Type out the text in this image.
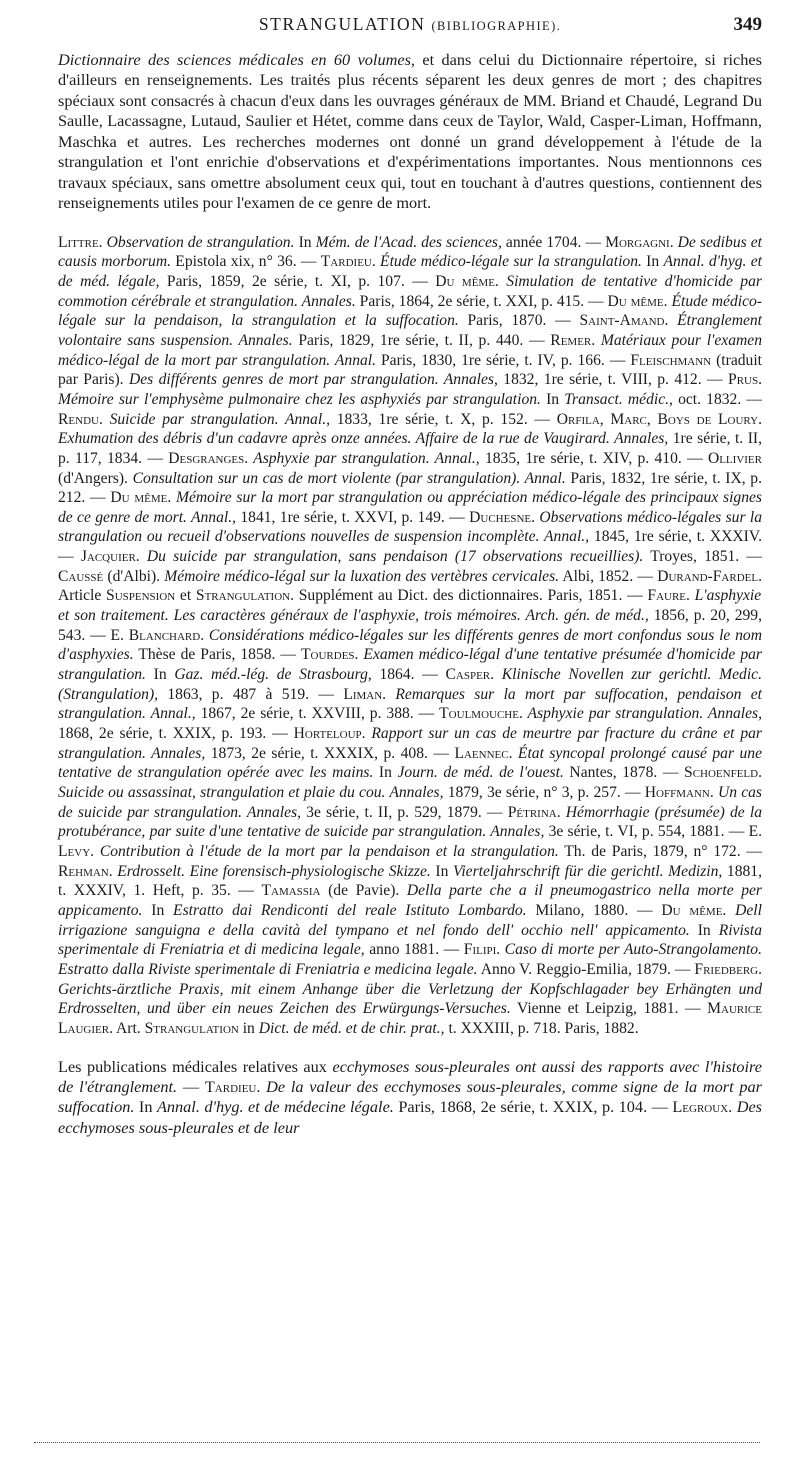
STRANGULATION (BIBLIOGRAPHIE).	349

Dictionnaire des sciences médicales en 60 volumes, et dans celui du Dictionnaire répertoire, si riches d'ailleurs en renseignements. Les traités plus récents séparent les deux genres de mort ; des chapitres spéciaux sont consacrés à chacun d'eux dans les ouvrages généraux de MM. Briand et Chaudé, Legrand Du Saulle, Lacassagne, Lutaud, Saulier et Hétet, comme dans ceux de Taylor, Wald, Casper-Liman, Hoffmann, Maschka et autres. Les recherches modernes ont donné un grand développement à l'étude de la strangulation et l'ont enrichie d'observations et d'expérimentations importantes. Nous mentionnons ces travaux spéciaux, sans omettre absolument ceux qui, tout en touchant à d'autres questions, contiennent des renseignements utiles pour l'examen de ce genre de mort.

Littre. Observation de strangulation. In Mém. de l'Acad. des sciences, année 1704. — Morgagni. De sedibus et causis morborum. Epistola xix, n° 36. — Tardieu. Étude médico-légale sur la strangulation. In Annal. d'hyg. et de méd. légale, Paris, 1859, 2e série, t. XI, p. 107. — Du même. Simulation de tentative d'homicide par commotion cérébrale et strangulation. Annales. Paris, 1864, 2e série, t. XXI, p. 415. — Du même. Étude médico-légale sur la pendaison, la strangulation et la suffocation. Paris, 1870. — Saint-Amand. Étranglement volontaire sans suspension. Annales. Paris, 1829, 1re série, t. II, p. 440. — Remer. Matériaux pour l'examen médico-légal de la mort par strangulation. Annal. Paris, 1830, 1re série, t. IV, p. 166. — Fleischmann (traduit par Paris). Des différents genres de mort par strangulation. Annales, 1832, 1re série, t. VIII, p. 412. — Prus. Mémoire sur l'emphysème pulmonaire chez les asphyxiés par strangulation. In Transact. médic., oct. 1832. — Rendu. Suicide par strangulation. Annal., 1833, 1re série, t. X, p. 152. — Orfila, Marc, Boys de Loury. Exhumation des débris d'un cadavre après onze années. Affaire de la rue de Vaugirard. Annales, 1re série, t. II, p. 117, 1834. — Desgranges. Asphyxie par strangulation. Annal., 1835, 1re série, t. XIV, p. 410. — Ollivier (d'Angers). Consultation sur un cas de mort violente (par strangulation). Annal. Paris, 1832, 1re série, t. IX, p. 212. — Du même. Mémoire sur la mort par strangulation ou appréciation médico-légale des principaux signes de ce genre de mort. Annal., 1841, 1re série, t. XXVI, p. 149. — Duchesne. Observations médico-légales sur la strangulation ou recueil d'observations nouvelles de suspension incomplète. Annal., 1845, 1re série, t. XXXIV. — Jacquier. Du suicide par strangulation, sans pendaison (17 observations recueillies). Troyes, 1851. — Caussé (d'Albi). Mémoire médico-légal sur la luxation des vertèbres cervicales. Albi, 1852. — Durand-Fardel. Article Suspension et Strangulation. Supplément au Dict. des dictionnaires. Paris, 1851. — Faure. L'asphyxie et son traitement. Les caractères généraux de l'asphyxie, trois mémoires. Arch. gén. de méd., 1856, p. 20, 299, 543. — E. Blanchard. Considérations médico-légales sur les différents genres de mort confondus sous le nom d'asphyxies. Thèse de Paris, 1858. — Tourdes. Examen médico-légal d'une tentative présumée d'homicide par strangulation. In Gaz. méd.-lég. de Strasbourg, 1864. — Casper. Klinische Novellen zur gerichtl. Medic. (Strangulation), 1863, p. 487 à 519. — Liman. Remarques sur la mort par suffocation, pendaison et strangulation. Annal., 1867, 2e série, t. XXVIII, p. 388. — Toulmouche. Asphyxie par strangulation. Annales, 1868, 2e série, t. XXIX, p. 193. — Horteloup. Rapport sur un cas de meurtre par fracture du crâne et par strangulation. Annales, 1873, 2e série, t. XXXIX, p. 408. — Laennec. État syncopal prolongé causé par une tentative de strangulation opérée avec les mains. In Journ. de méd. de l'ouest. Nantes, 1878. — Schoenfeld. Suicide ou assassinat, strangulation et plaie du cou. Annales, 1879, 3e série, n° 3, p. 257. — Hoffmann. Un cas de suicide par strangulation. Annales, 3e série, t. II, p. 529, 1879. — Pétrina. Hémorrhagie (présumée) de la protubérance, par suite d'une tentative de suicide par strangulation. Annales, 3e série, t. VI, p. 554, 1881. — E. Levy. Contribution à l'étude de la mort par la pendaison et la strangulation. Th. de Paris, 1879, n° 172. — Rehman. Erdrosselt. Eine forensisch-physiologische Skizze. In Vierteljahrschrift für die gerichtl. Medizin, 1881, t. XXXIV, 1. Heft, p. 35. — Tamassia (de Pavie). Della parte che a il pneumogastrico nella morte per appicamento. In Estratto dai Rendiconti del reale Istituto Lombardo. Milano, 1880. — Du même. Dell irrigazione sanguigna e della cavità del tympano et nel fondo dell' occhio nell' appicamento. In Rivista sperimentale di Freniatria et di medicina legale, anno 1881. — Filipi. Caso di morte per Auto-Strangolamento. Estratto dalla Riviste sperimentale di Freniatria e medicina legale. Anno V. Reggio-Emilia, 1879. — Friedberg. Gerichts-ärztliche Praxis, mit einem Anhange über die Verletzung der Kopfschlagader bey Erhängten und Erdrosselten, und über ein neues Zeichen des Erwürgungs-Versuches. Vienne et Leipzig, 1881. — Maurice Laugier. Art. Strangulation in Dict. de méd. et de chir. prat., t. XXXIII, p. 718. Paris, 1882.

Les publications médicales relatives aux ecchymoses sous-pleurales ont aussi des rapports avec l'histoire de l'étranglement. — Tardieu. De la valeur des ecchymoses sous-pleurales, comme signe de la mort par suffocation. In Annal. d'hyg. et de médecine légale. Paris, 1868, 2e série, t. XXIX, p. 104. — Legroux. Des ecchymoses sous-pleurales et de leur
